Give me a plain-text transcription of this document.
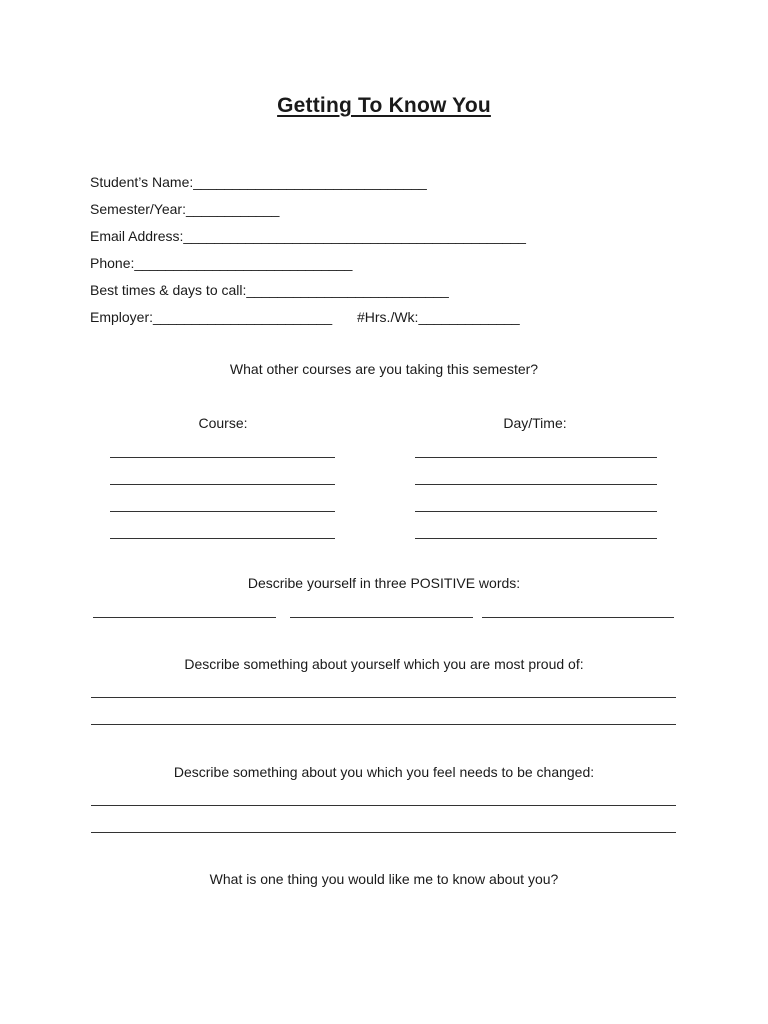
Getting To Know You
Student’s Name:______________________________
Semester/Year:____________
Email Address:____________________________________________
Phone:____________________________
Best times & days to call:__________________________
Employer:_______________________ #Hrs./Wk:_____________
What other courses are you taking this semester?
Course:	Day/Time:
Describe yourself in three POSITIVE words:
Describe something about yourself which you are most proud of:
Describe something about you which you feel needs to be changed:
What is one thing you would like me to know about you?
